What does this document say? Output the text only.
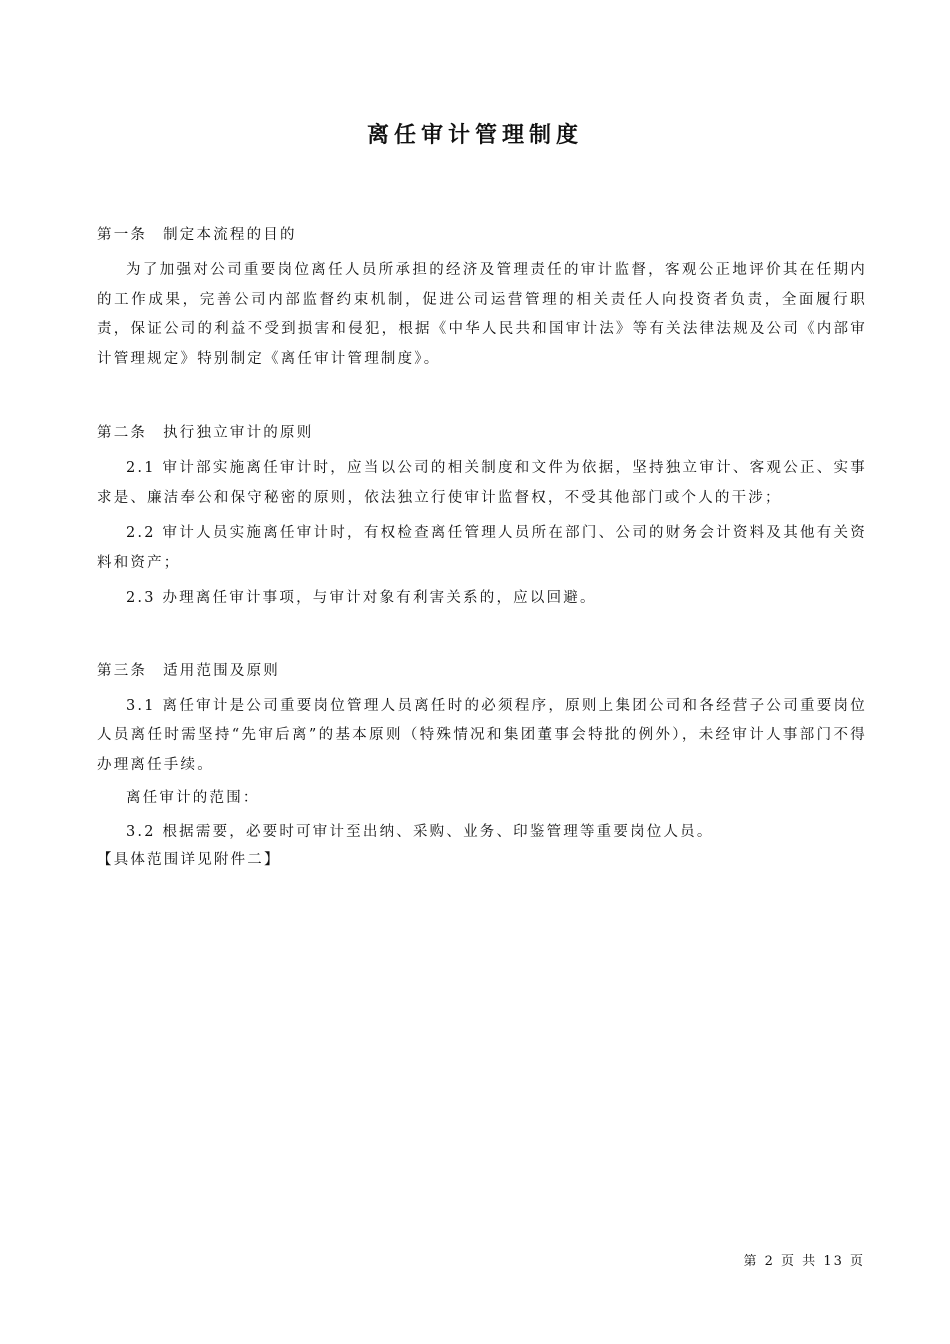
离任审计管理制度

第一条 制定本流程的目的

为了加强对公司重要岗位离任人员所承担的经济及管理责任的审计监督，客观公正地评价其在任期内的工作成果，完善公司内部监督约束机制，促进公司运营管理的相关责任人向投资者负责，全面履行职责，保证公司的利益不受到损害和侵犯，根据《中华人民共和国审计法》等有关法律法规及公司《内部审计管理规定》特别制定《离任审计管理制度》。

第二条 执行独立审计的原则

2.1 审计部实施离任审计时，应当以公司的相关制度和文件为依据，坚持独立审计、客观公正、实事求是、廉洁奉公和保守秘密的原则，依法独立行使审计监督权，不受其他部门或个人的干涉；

2.2 审计人员实施离任审计时，有权检查离任管理人员所在部门、公司的财务会计资料及其他有关资料和资产；

2.3 办理离任审计事项，与审计对象有利害关系的，应以回避。

第三条 适用范围及原则

3.1 离任审计是公司重要岗位管理人员离任时的必须程序，原则上集团公司和各经营子公司重要岗位人员离任时需坚持“先审后离”的基本原则（特殊情况和集团董事会特批的例外），未经审计人事部门不得办理离任手续。

离任审计的范围：

3.2 根据需要，必要时可审计至出纳、采购、业务、印鉴管理等重要岗位人员。

【具体范围详见附件二】

第 2 页 共 13 页
